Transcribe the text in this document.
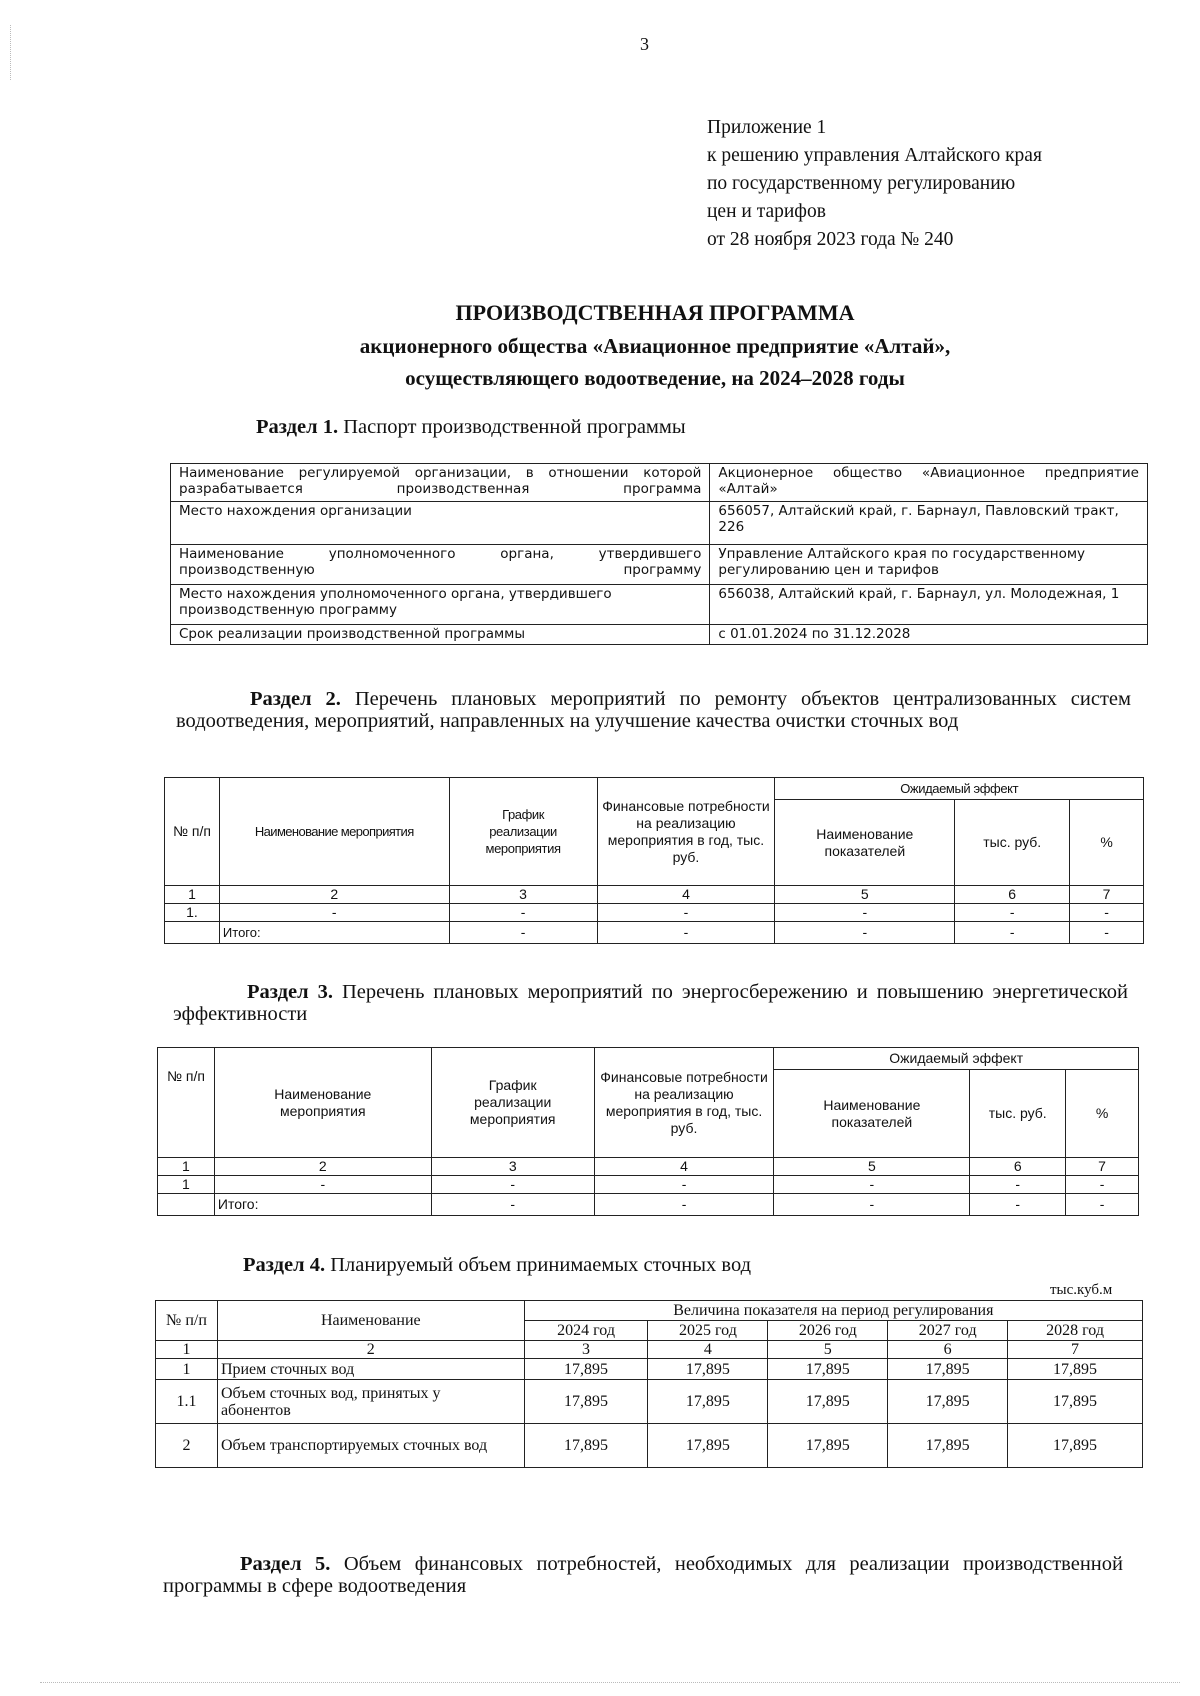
3
Приложение 1
к решению управления Алтайского края
по государственному регулированию
цен и тарифов
от 28 ноября 2023 года № 240
ПРОИЗВОДСТВЕННАЯ ПРОГРАММА
акционерного общества «Авиационное предприятие «Алтай»,
осуществляющего водоотведение, на 2024–2028 годы
Раздел 1. Паспорт производственной программы
Наименование регулируемой организации, в отношении которой разрабатывается производственная программа	Акционерное общество «Авиационное предприятие «Алтай»
Место нахождения организации	656057, Алтайский край, г. Барнаул, Павловский тракт, 226
Наименование уполномоченного органа, утвердившего производственную программу	Управление Алтайского края по государственному регулированию цен и тарифов
Место нахождения уполномоченного органа, утвердившего производственную программу	656038, Алтайский край, г. Барнаул, ул. Молодежная, 1
Срок реализации производственной программы	с 01.01.2024 по 31.12.2028
Раздел 2. Перечень плановых мероприятий по ремонту объектов централизованных систем водоотведения, мероприятий, направленных на улучшение качества очистки сточных вод
№ п/п	Наименование мероприятия	График реализации мероприятия	Финансовые потребности на реализацию мероприятия в год, тыс. руб.	Ожидаемый эффект		
				Наименование показателей	тыс. руб.	%
1	2	3	4	5	6	7
1.	-	-	-	-	-	-
	Итого:	-	-	-	-	-
Раздел 3. Перечень плановых мероприятий по энергосбережению и повышению энергетической эффективности
№ п/п	Наименование мероприятия	График реализации мероприятия	Финансовые потребности на реализацию мероприятия в год, тыс. руб.	Ожидаемый эффект		
				Наименование показателей	тыс. руб.	%
1	2	3	4	5	6	7
1	-	-	-	-	-	-
	Итого:	-	-	-	-	-
Раздел 4. Планируемый объем принимаемых сточных вод
тыс.куб.м
№ п/п	Наименование	Величина показателя на период регулирования				
		2024 год	2025 год	2026 год	2027 год	2028 год
1	2	3	4	5	6	7
1	Прием сточных вод	17,895	17,895	17,895	17,895	17,895
1.1	Объем сточных вод, принятых у абонентов	17,895	17,895	17,895	17,895	17,895
2	Объем транспортируемых сточных вод	17,895	17,895	17,895	17,895	17,895
Раздел 5. Объем финансовых потребностей, необходимых для реализации производственной программы в сфере водоотведения
